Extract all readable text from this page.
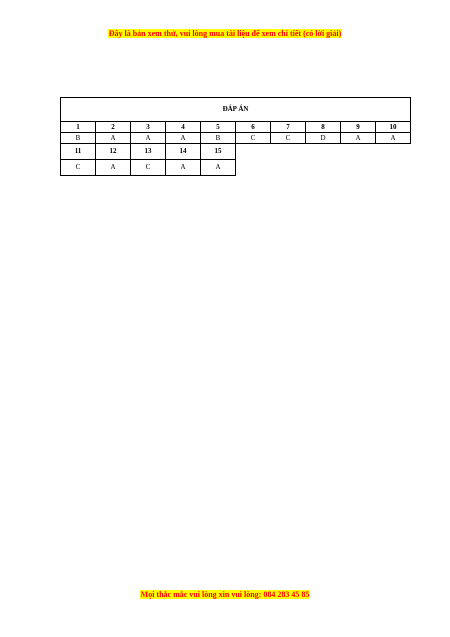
Đây là bản xem thử, vui lòng mua tài liệu để xem chi tiết (có lời giải)
ĐÁP ÁN									
1	2	3	4	5	6	7	8	9	10
B	A	A	A	B	C	C	D	A	A
11	12	13	14	15					
C	A	C	A	A					
Mọi thắc mắc vui lòng xin vui lòng: 084 283 45 85
